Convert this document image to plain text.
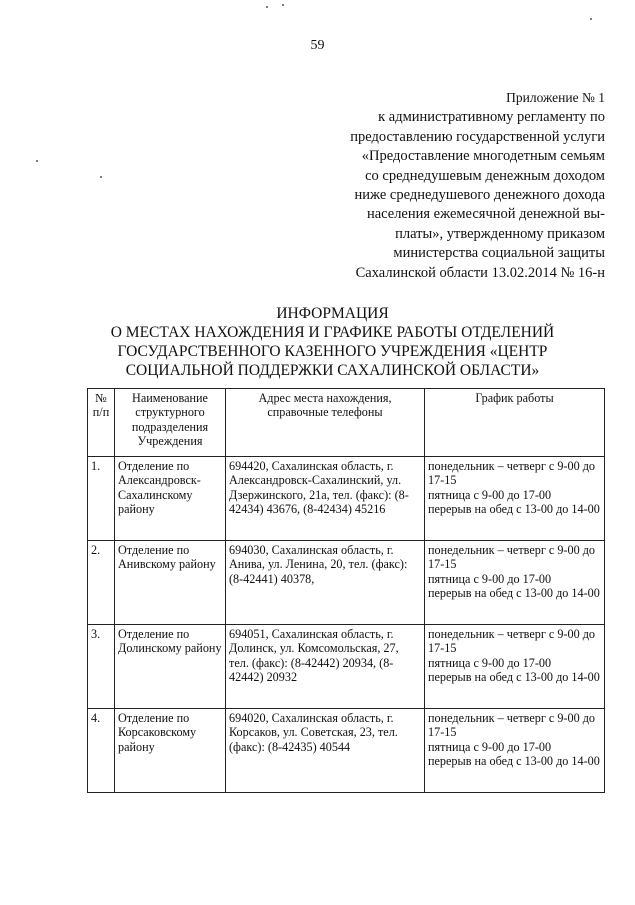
59
Приложение № 1
к административному регламенту по
предоставлению государственной услуги
«Предоставление многодетным семьям
со среднедушевым денежным доходом
ниже среднедушевого денежного дохода
населения ежемесячной денежной вы-
платы», утвержденному приказом
министерства социальной защиты
Сахалинской области 13.02.2014 № 16-н
ИНФОРМАЦИЯ
О МЕСТАХ НАХОЖДЕНИЯ И ГРАФИКЕ РАБОТЫ ОТДЕЛЕНИЙ
ГОСУДАРСТВЕННОГО КАЗЕННОГО УЧРЕЖДЕНИЯ «ЦЕНТР
СОЦИАЛЬНОЙ ПОДДЕРЖКИ САХАЛИНСКОЙ ОБЛАСТИ»
№ п/п	Наименование структурного подразделения Учреждения	Адрес места нахождения, справочные телефоны	График работы
1.	Отделение по Александровск-Сахалинскому району	694420, Сахалинская область, г. Александровск-Сахалинский, ул. Дзержинского, 21а, тел. (факс): (8-42434) 43676, (8-42434) 45216	понедельник – четверг с 9-00 до 17-15
пятница с 9-00 до 17-00
перерыв на обед с 13-00 до 14-00

2.	Отделение по Анивскому району	694030, Сахалинская область, г. Анива, ул. Ленина, 20, тел. (факс): (8-42441) 40378,	понедельник – четверг с 9-00 до 17-15
пятница с 9-00 до 17-00
перерыв на обед с 13-00 до 14-00

3.	Отделение по Долинскому району	694051, Сахалинская область, г. Долинск, ул. Комсомольская, 27, тел. (факс): (8-42442) 20934, (8-42442) 20932	понедельник – четверг с 9-00 до 17-15
пятница с 9-00 до 17-00
перерыв на обед с 13-00 до 14-00

4.	Отделение по Корсаковскому району	694020, Сахалинская область, г. Корсаков, ул. Советская, 23, тел. (факс): (8-42435) 40544	понедельник – четверг с 9-00 до 17-15
пятница с 9-00 до 17-00
перерыв на обед с 13-00 до 14-00
